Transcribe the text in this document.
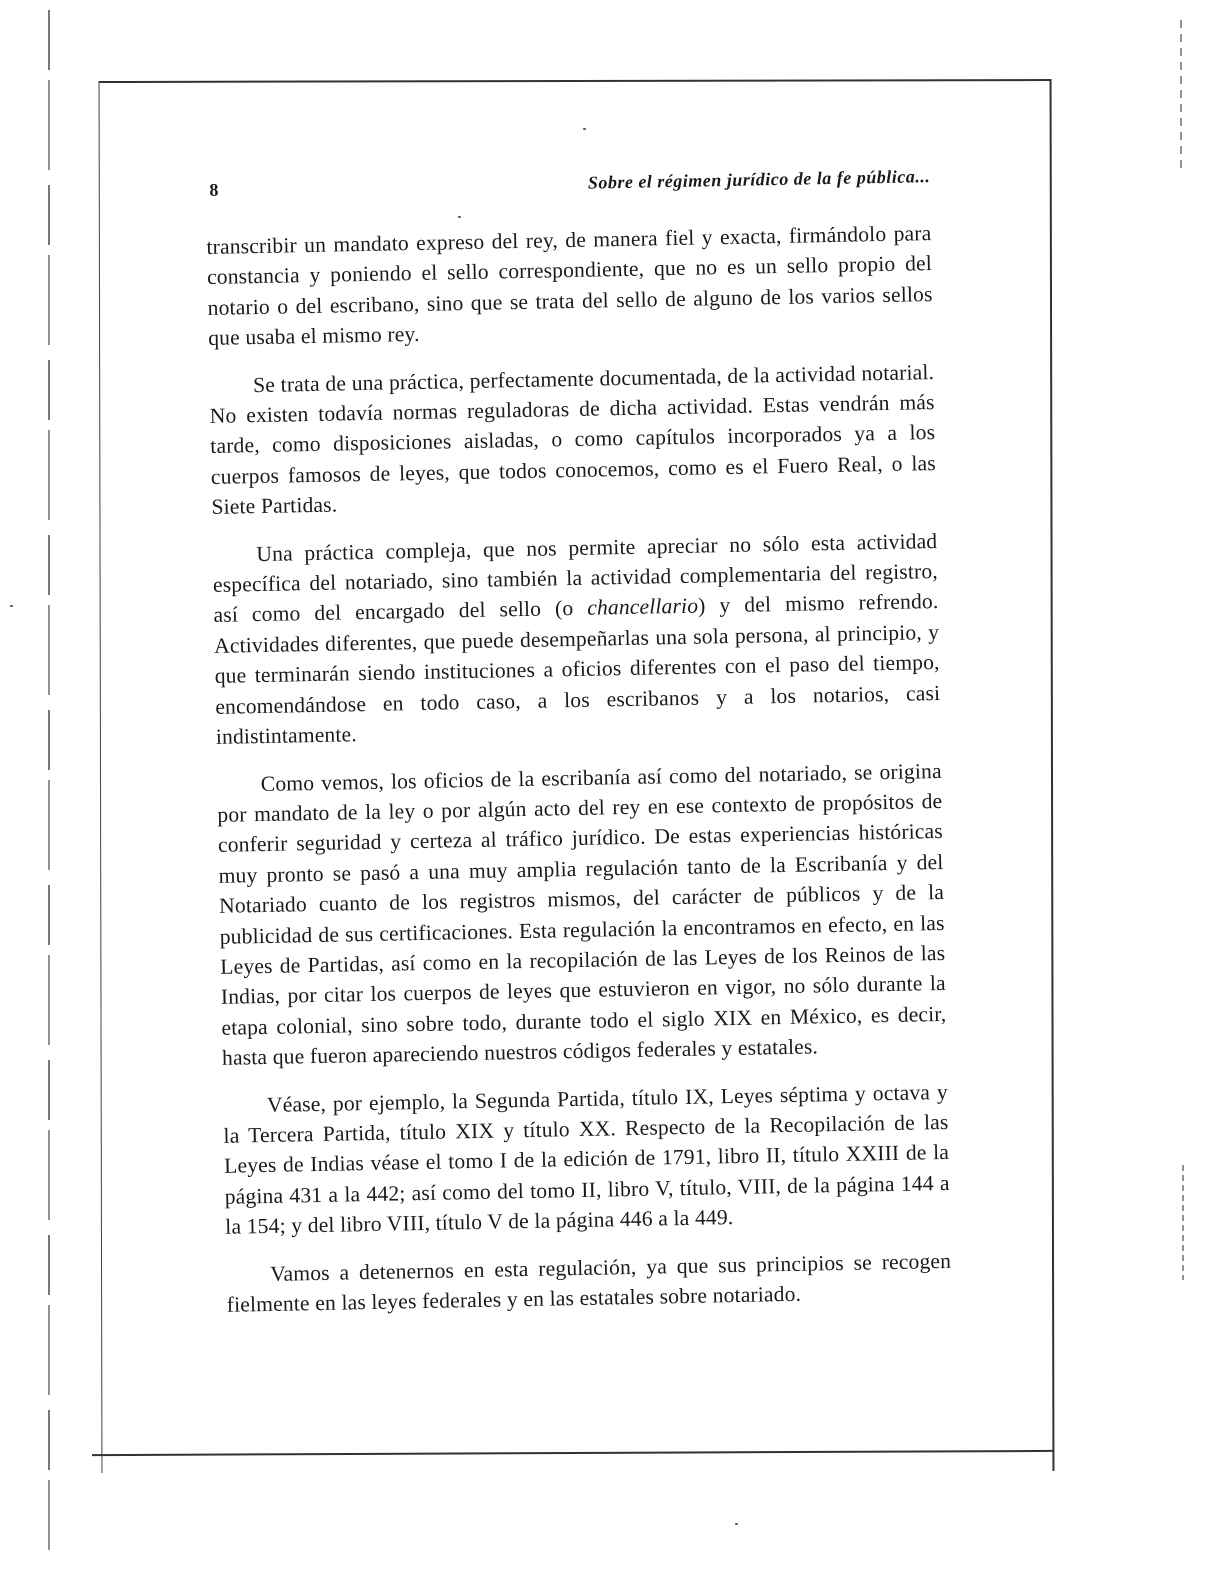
8	Sobre el régimen jurídico de la fe pública...

transcribir un mandato expreso del rey, de manera fiel y exacta, firmándolo para constancia y poniendo el sello correspondiente, que no es un sello propio del notario o del escribano, sino que se trata del sello de alguno de los varios sellos que usaba el mismo rey.

Se trata de una práctica, perfectamente documentada, de la actividad notarial. No existen todavía normas reguladoras de dicha actividad. Estas vendrán más tarde, como disposiciones aisladas, o como capítulos incorporados ya a los cuerpos famosos de leyes, que todos conocemos, como es el Fuero Real, o las Siete Partidas.

Una práctica compleja, que nos permite apreciar no sólo esta actividad específica del notariado, sino también la actividad complementaria del registro, así como del encargado del sello (o chancellario) y del mismo refrendo. Actividades diferentes, que puede desempeñarlas una sola persona, al principio, y que terminarán siendo instituciones a oficios diferentes con el paso del tiempo, encomendándose en todo caso, a los escribanos y a los notarios, casi indistintamente.

Como vemos, los oficios de la escribanía así como del notariado, se origina por mandato de la ley o por algún acto del rey en ese contexto de propósitos de conferir seguridad y certeza al tráfico jurídico. De estas experiencias históricas muy pronto se pasó a una muy amplia regulación tanto de la Escribanía y del Notariado cuanto de los registros mismos, del carácter de públicos y de la publicidad de sus certificaciones. Esta regulación la encontramos en efecto, en las Leyes de Partidas, así como en la recopilación de las Leyes de los Reinos de las Indias, por citar los cuerpos de leyes que estuvieron en vigor, no sólo durante la etapa colonial, sino sobre todo, durante todo el siglo XIX en México, es decir, hasta que fueron apareciendo nuestros códigos federales y estatales.

Véase, por ejemplo, la Segunda Partida, título IX, Leyes séptima y octava y la Tercera Partida, título XIX y título XX. Respecto de la Recopilación de las Leyes de Indias véase el tomo I de la edición de 1791, libro II, título XXIII de la página 431 a la 442; así como del tomo II, libro V, título, VIII, de la página 144 a la 154; y del libro VIII, título V de la página 446 a la 449.

Vamos a detenernos en esta regulación, ya que sus principios se recogen fielmente en las leyes federales y en las estatales sobre notariado.
